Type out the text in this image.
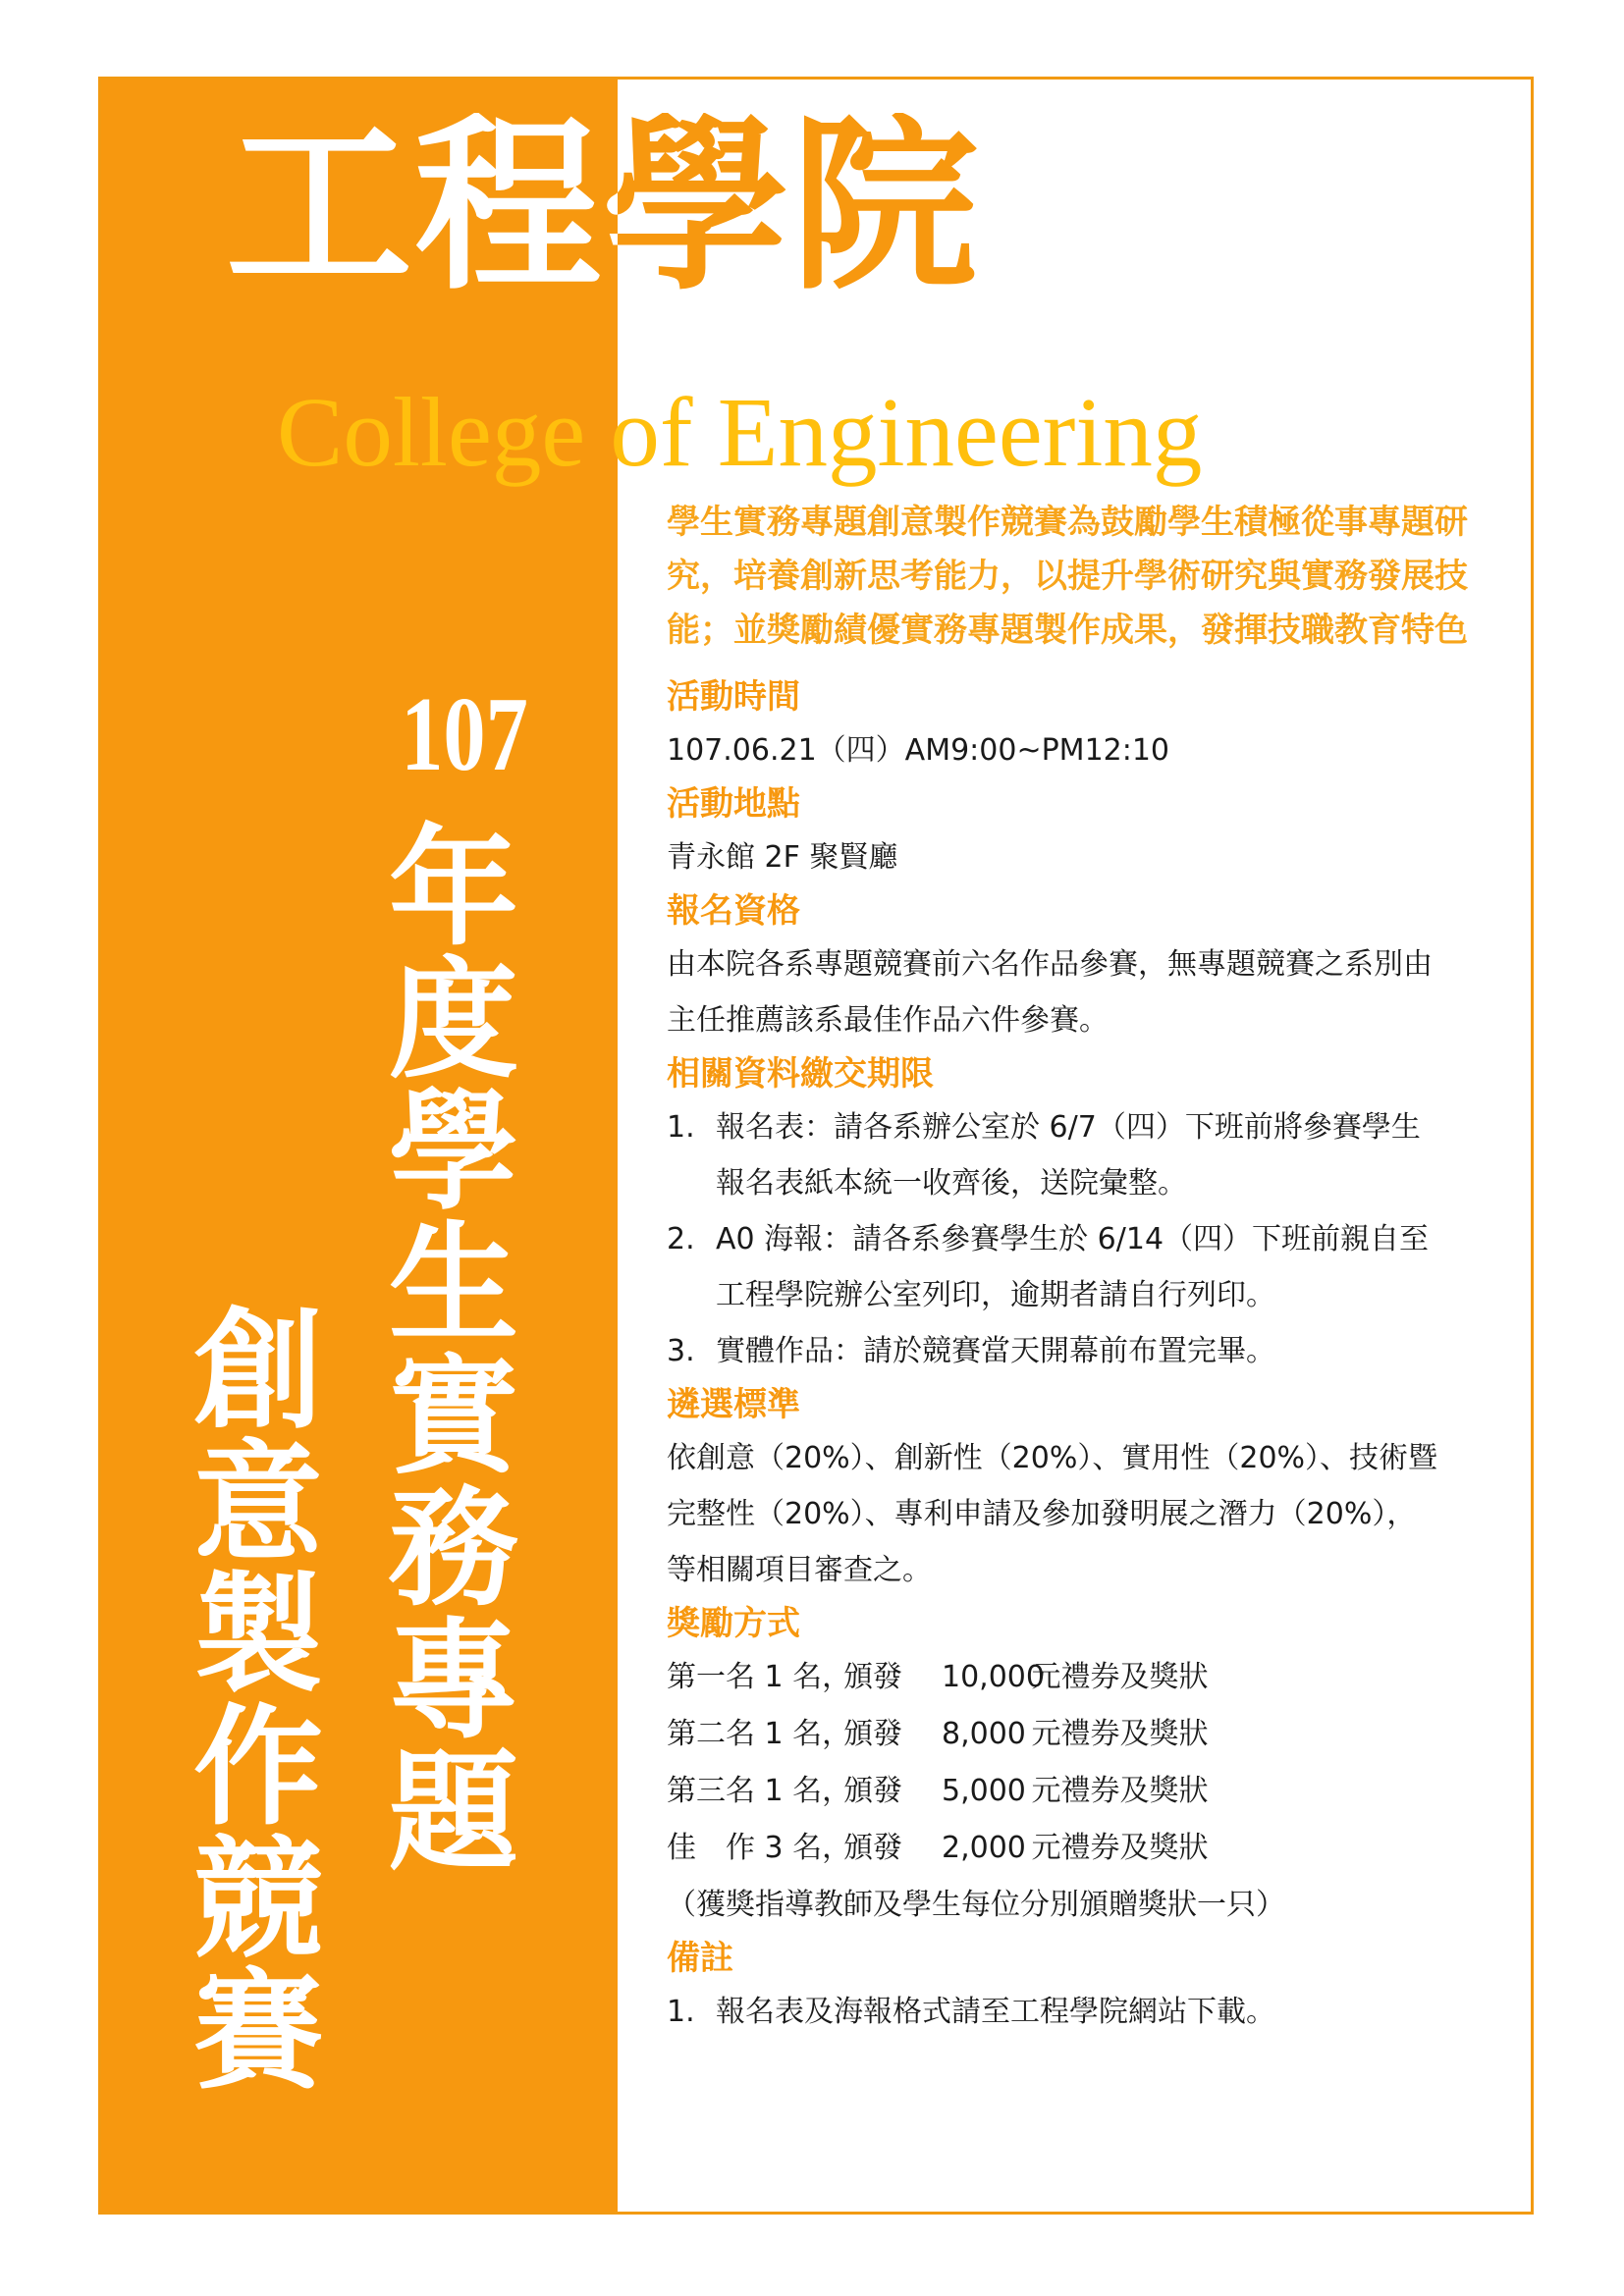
工程學院

College of Engineering

107
年
度
學
生
實
務
專
題
創
意
製
作
競
賽

學生實務專題創意製作競賽為鼓勵學生積極從事專題研究，培養創新思考能力，以提升學術研究與實務發展技能；並獎勵績優實務專題製作成果，發揮技職教育特色

活動時間

107.06.21（四）AM9:00~PM12:10

活動地點

青永館 2F 聚賢廳

報名資格

由本院各系專題競賽前六名作品參賽，無專題競賽之系別由

主任推薦該系最佳作品六件參賽。

相關資料繳交期限
1. 報名表：請各系辦公室於 6/7（四）下班前將參賽學生
報名表紙本統一收齊後，送院彙整。
2. A0 海報：請各系參賽學生於 6/14（四）下班前親自至
工程學院辦公室列印，逾期者請自行列印。
3. 實體作品：請於競賽當天開幕前布置完畢。
遴選標準

依創意（20%）、創新性（20%）、實用性（20%）、技術暨

完整性（20%）、專利申請及參加發明展之潛力（20%），

等相關項目審查之。

獎勵方式
第一名 1 名，頒發 10,000 元禮券及獎狀
第二名 1 名，頒發 8,000 元禮券及獎狀
第三名 1 名，頒發 5,000 元禮券及獎狀
佳　作 3 名，頒發 2,000 元禮券及獎狀

（獲獎指導教師及學生每位分別頒贈獎狀一只）

備註
1. 報名表及海報格式請至工程學院網站下載。
